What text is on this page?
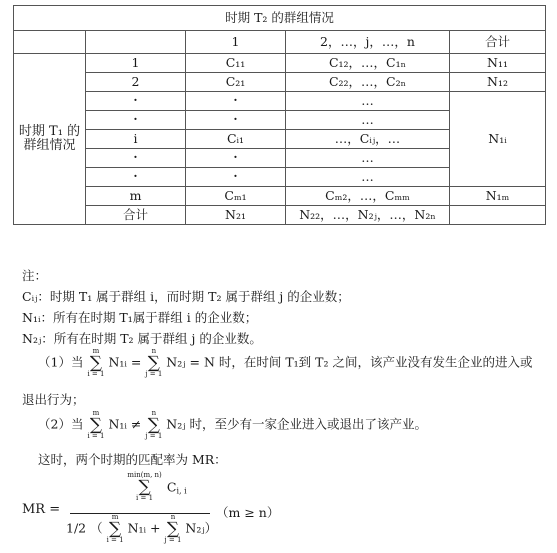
时期 T₂ 的群组情况				
		1	2，…，j，…，n	合计
时期 T₁ 的
群组情况	1	C₁₁	C₁₂，…，C₁ₙ	N₁₁
	2	C₂₁	C₂₂，…，C₂ₙ	N₁₂
	·	·	…	N₁ᵢ
	·	·	…	
	i	Cᵢ₁	…，Cᵢⱼ，…	
	·	·	…	
	·	·	…	
	m	Cₘ₁	Cₘ₂，…，Cₘₘ	N₁ₘ
	合计	N₂₁	N₂₂，…，N₂ⱼ，…，N₂ₙ	
注：
Cᵢⱼ：时期 T₁ 属于群组 i，而时期 T₂ 属于群组 j 的企业数；
N₁ᵢ：所有在时期 T₁属于群组 i 的企业数；
N₂ⱼ：所有在时期 T₂ 属于群组 j 的企业数。
（1）当
m
∑
i = 1
N₁ᵢ =
n
∑
j = 1
N₂ⱼ = N 时，在时间 T₁到 T₂ 之间，该产业没有发生企业的进入或
退出行为；
（2）当
m
∑
i = 1
N₁ᵢ ≠
n
∑
j = 1
N₂ⱼ 时，至少有一家企业进入或退出了该产业。
这时，两个时期的匹配率为 MR：
MR =
min(m, n)
∑
i = 1
$C_{i, i}$
1/2 （
m
∑
i = 1
N₁ᵢ +
n
∑
j = 1
N₂ⱼ）
（m ≥ n）
